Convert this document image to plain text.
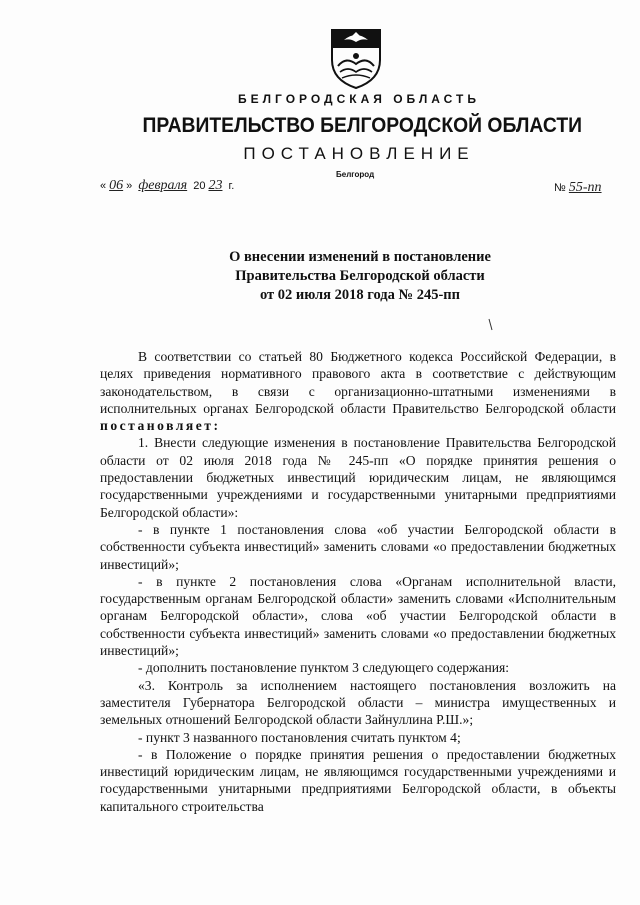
БЕЛГОРОДСКАЯ ОБЛАСТЬ
ПРАВИТЕЛЬСТВО БЕЛГОРОДСКОЙ ОБЛАСТИ
ПОСТАНОВЛЕНИЕ
Белгород
« 06 » февраля 20 23 г.	№ 55-пп
О внесении изменений в постановление
Правительства Белгородской области
от 02 июля 2018 года № 245-пп

В соответствии со статьей 80 Бюджетного кодекса Российской Федерации, в целях приведения нормативного правового акта в соответствие с действующим законодательством, в связи с организационно-штатными изменениями в исполнительных органах Белгородской области Правительство Белгородской области постановляет:

1. Внести следующие изменения в постановление Правительства Белгородской области от 02 июля 2018 года № 245-пп «О порядке принятия решения о предоставлении бюджетных инвестиций юридическим лицам, не являющимся государственными учреждениями и государственными унитарными предприятиями Белгородской области»:

- в пункте 1 постановления слова «об участии Белгородской области в собственности субъекта инвестиций» заменить словами «о предоставлении бюджетных инвестиций»;

- в пункте 2 постановления слова «Органам исполнительной власти, государственным органам Белгородской области» заменить словами «Исполнительным органам Белгородской области», слова «об участии Белгородской области в собственности субъекта инвестиций» заменить словами «о предоставлении бюджетных инвестиций»;

- дополнить постановление пунктом 3 следующего содержания:

«3. Контроль за исполнением настоящего постановления возложить на заместителя Губернатора Белгородской области – министра имущественных и земельных отношений Белгородской области Зайнуллина Р.Ш.»;

- пункт 3 названного постановления считать пунктом 4;

- в Положение о порядке принятия решения о предоставлении бюджетных инвестиций юридическим лицам, не являющимся государственными учреждениями и государственными унитарными предприятиями Белгородской области, в объекты капитального строительства
